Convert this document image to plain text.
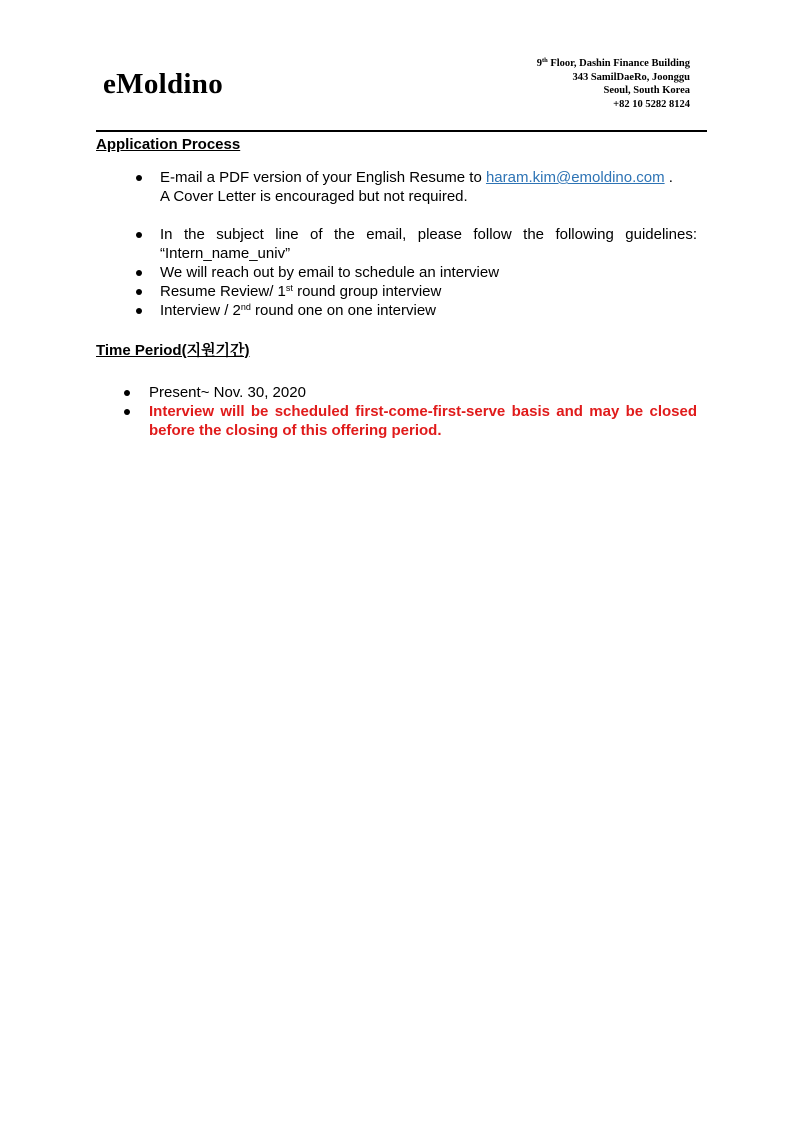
eMoldino
9th Floor, Dashin Finance Building
343 SamilDaeRo, Joonggu
Seoul, South Korea
+82 10 5282 8124
Application Process
E-mail a PDF version of your English Resume to haram.kim@emoldino.com .
A Cover Letter is encouraged but not required.
In the subject line of the email, please follow the following guidelines: “Intern_name_univ”
We will reach out by email to schedule an interview
Resume Review/ 1st round group interview
Interview / 2nd round one on one interview
Time Period(지원기간)
Present~ Nov. 30, 2020
Interview will be scheduled first-come-first-serve basis and may be closed before the closing of this offering period.
